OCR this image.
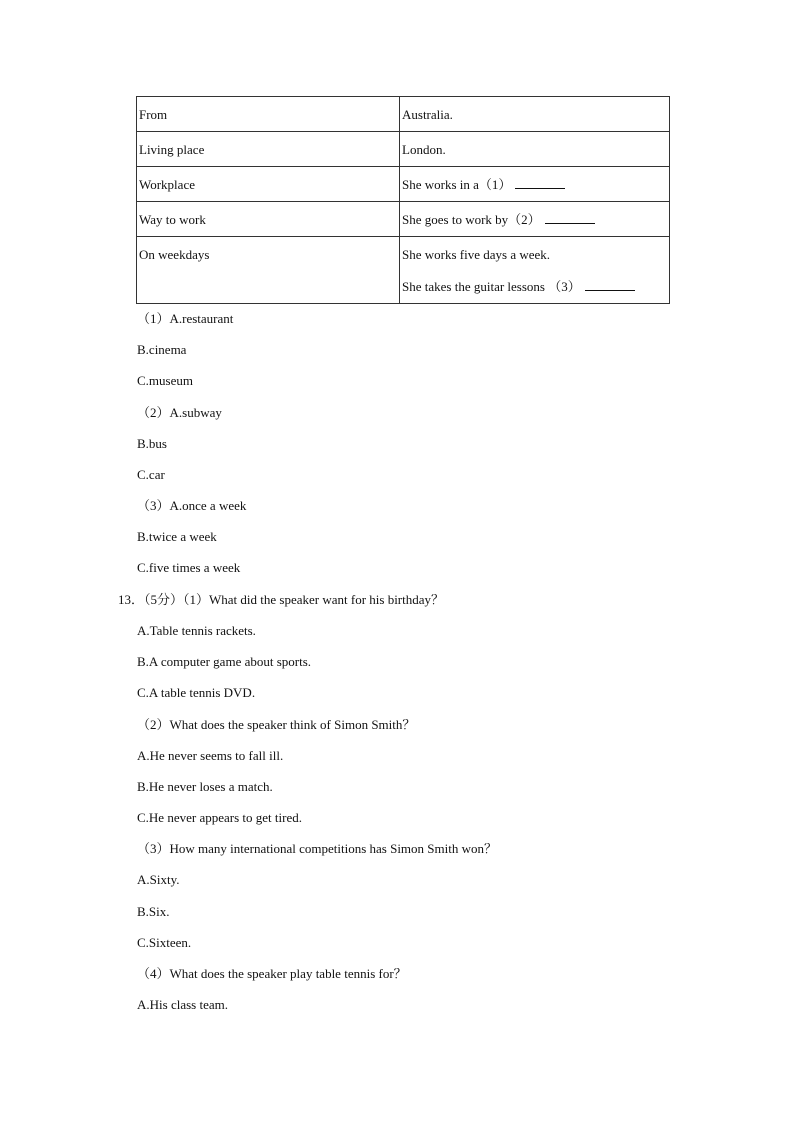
From	Australia.
Living place	London.
Workplace	She works in a（1）
Way to work	She goes to work by（2）
On weekdays	She works five days a week.
She takes the guitar lessons （3）
（1）A.restaurant
B.cinema
C.museum
（2）A.subway
B.bus
C.car
（3）A.once a week
B.twice a week
C.five times a week
13．（5分）（1）What did the speaker want for his birthday？
A.Table tennis rackets.
B.A computer game about sports.
C.A table tennis DVD.
（2）What does the speaker think of Simon Smith？
A.He never seems to fall ill.
B.He never loses a match.
C.He never appears to get tired.
（3）How many international competitions has Simon Smith won？
A.Sixty.
B.Six.
C.Sixteen.
（4）What does the speaker play table tennis for？
A.His class team.
